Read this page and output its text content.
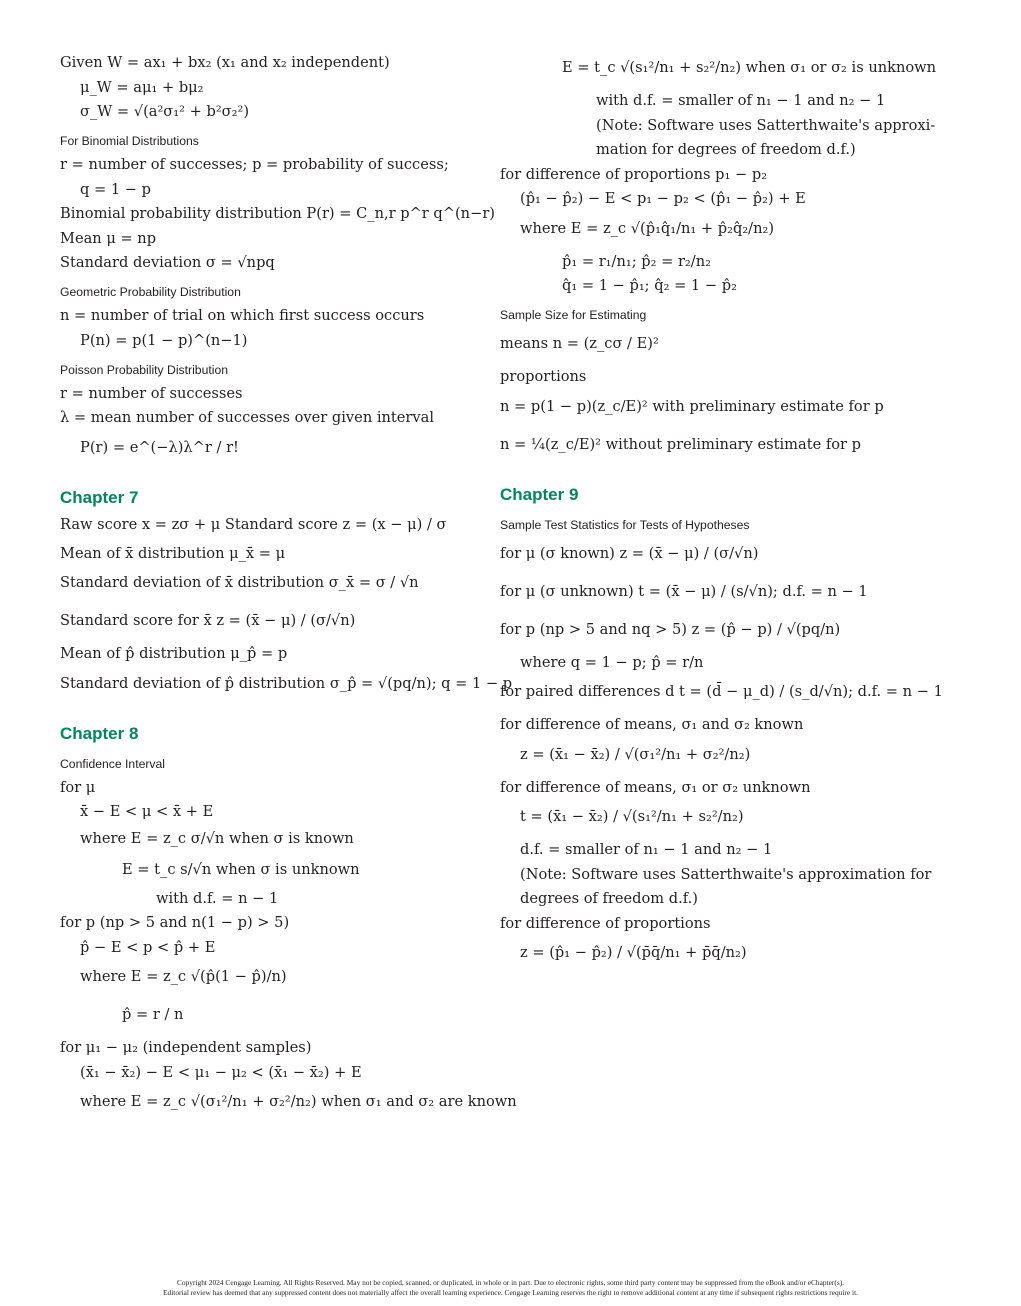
Given W = ax₁ + bx₂ (x₁ and x₂ independent)
μ_W = aμ₁ + bμ₂
σ_W = √(a²σ₁² + b²σ₂²)
For Binomial Distributions
r = number of successes; p = probability of success;
q = 1 − p
Binomial probability distribution P(r) = C_n,r p^r q^(n−r)
Mean μ = np
Standard deviation σ = √npq
Geometric Probability Distribution
n = number of trial on which first success occurs
P(n) = p(1 − p)^(n−1)
Poisson Probability Distribution
r = number of successes
λ = mean number of successes over given interval
P(r) = e^(−λ)λ^r / r!
Chapter 7
Raw score x = zσ + μ Standard score z = (x − μ) / σ
Mean of x̄ distribution μ_x̄ = μ
Standard deviation of x̄ distribution σ_x̄ = σ / √n
Standard score for x̄ z = (x̄ − μ) / (σ/√n)
Mean of p̂ distribution μ_p̂ = p
Standard deviation of p̂ distribution σ_p̂ = √(pq/n); q = 1 − p
Chapter 8
Confidence Interval
for μ
x̄ − E < μ < x̄ + E
where E = z_c σ/√n when σ is known
E = t_c s/√n when σ is unknown
with d.f. = n − 1
for p (np > 5 and n(1 − p) > 5)
p̂ − E < p < p̂ + E
where E = z_c √(p̂(1 − p̂)/n)
p̂ = r / n
for μ₁ − μ₂ (independent samples)
(x̄₁ − x̄₂) − E < μ₁ − μ₂ < (x̄₁ − x̄₂) + E
where E = z_c √(σ₁²/n₁ + σ₂²/n₂) when σ₁ and σ₂ are known
E = t_c √(s₁²/n₁ + s₂²/n₂) when σ₁ or σ₂ is unknown
with d.f. = smaller of n₁ − 1 and n₂ − 1
(Note: Software uses Satterthwaite's approxi-
mation for degrees of freedom d.f.)
for difference of proportions p₁ − p₂
(p̂₁ − p̂₂) − E < p₁ − p₂ < (p̂₁ − p̂₂) + E
where E = z_c √(p̂₁q̂₁/n₁ + p̂₂q̂₂/n₂)
p̂₁ = r₁/n₁; p̂₂ = r₂/n₂
q̂₁ = 1 − p̂₁; q̂₂ = 1 − p̂₂
Sample Size for Estimating
means n = (z_cσ / E)²
proportions
n = p(1 − p)(z_c/E)² with preliminary estimate for p
n = ¼(z_c/E)² without preliminary estimate for p
Chapter 9
Sample Test Statistics for Tests of Hypotheses
for μ (σ known) z = (x̄ − μ) / (σ/√n)
for μ (σ unknown) t = (x̄ − μ) / (s/√n); d.f. = n − 1
for p (np > 5 and nq > 5) z = (p̂ − p) / √(pq/n)
where q = 1 − p; p̂ = r/n
for paired differences d t = (d̄ − μ_d) / (s_d/√n); d.f. = n − 1
for difference of means, σ₁ and σ₂ known
z = (x̄₁ − x̄₂) / √(σ₁²/n₁ + σ₂²/n₂)
for difference of means, σ₁ or σ₂ unknown
t = (x̄₁ − x̄₂) / √(s₁²/n₁ + s₂²/n₂)
d.f. = smaller of n₁ − 1 and n₂ − 1
(Note: Software uses Satterthwaite's approximation for
degrees of freedom d.f.)
for difference of proportions
z = (p̂₁ − p̂₂) / √(p̄q̄/n₁ + p̄q̄/n₂)
Copyright 2024 Cengage Learning. All Rights Reserved. May not be copied, scanned, or duplicated, in whole or in part. Due to electronic rights, some third party content may be suppressed from the eBook and/or eChapter(s).
Editorial review has deemed that any suppressed content does not materially affect the overall learning experience. Cengage Learning reserves the right to remove additional content at any time if subsequent rights restrictions require it.
